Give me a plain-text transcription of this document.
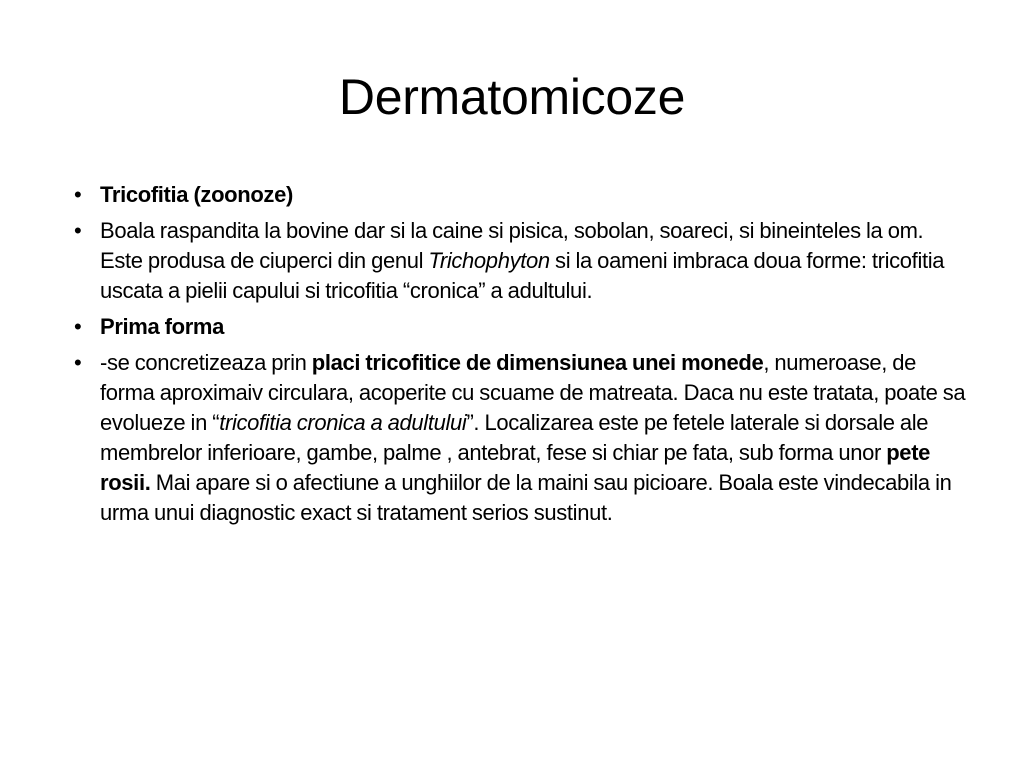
Dermatomicoze
• Tricofitia (zoonoze)
• Boala raspandita la bovine dar si la caine si pisica, sobolan, soareci, si bineinteles la om. Este produsa de ciuperci din genul Trichophyton si la oameni imbraca doua forme: tricofitia uscata a pielii capului si tricofitia “cronica” a adultului.
• Prima forma
• -se concretizeaza prin placi tricofitice de dimensiunea unei monede, numeroase, de forma aproximaiv circulara, acoperite cu scuame de matreata. Daca nu este tratata, poate sa evolueze in “tricofitia cronica a adultului”. Localizarea este pe fetele laterale si dorsale ale membrelor inferioare, gambe, palme , antebrat, fese si chiar pe fata, sub forma unor pete rosii. Mai apare si o afectiune a unghiilor de la maini sau picioare. Boala este vindecabila in urma unui diagnostic exact si tratament serios sustinut.
